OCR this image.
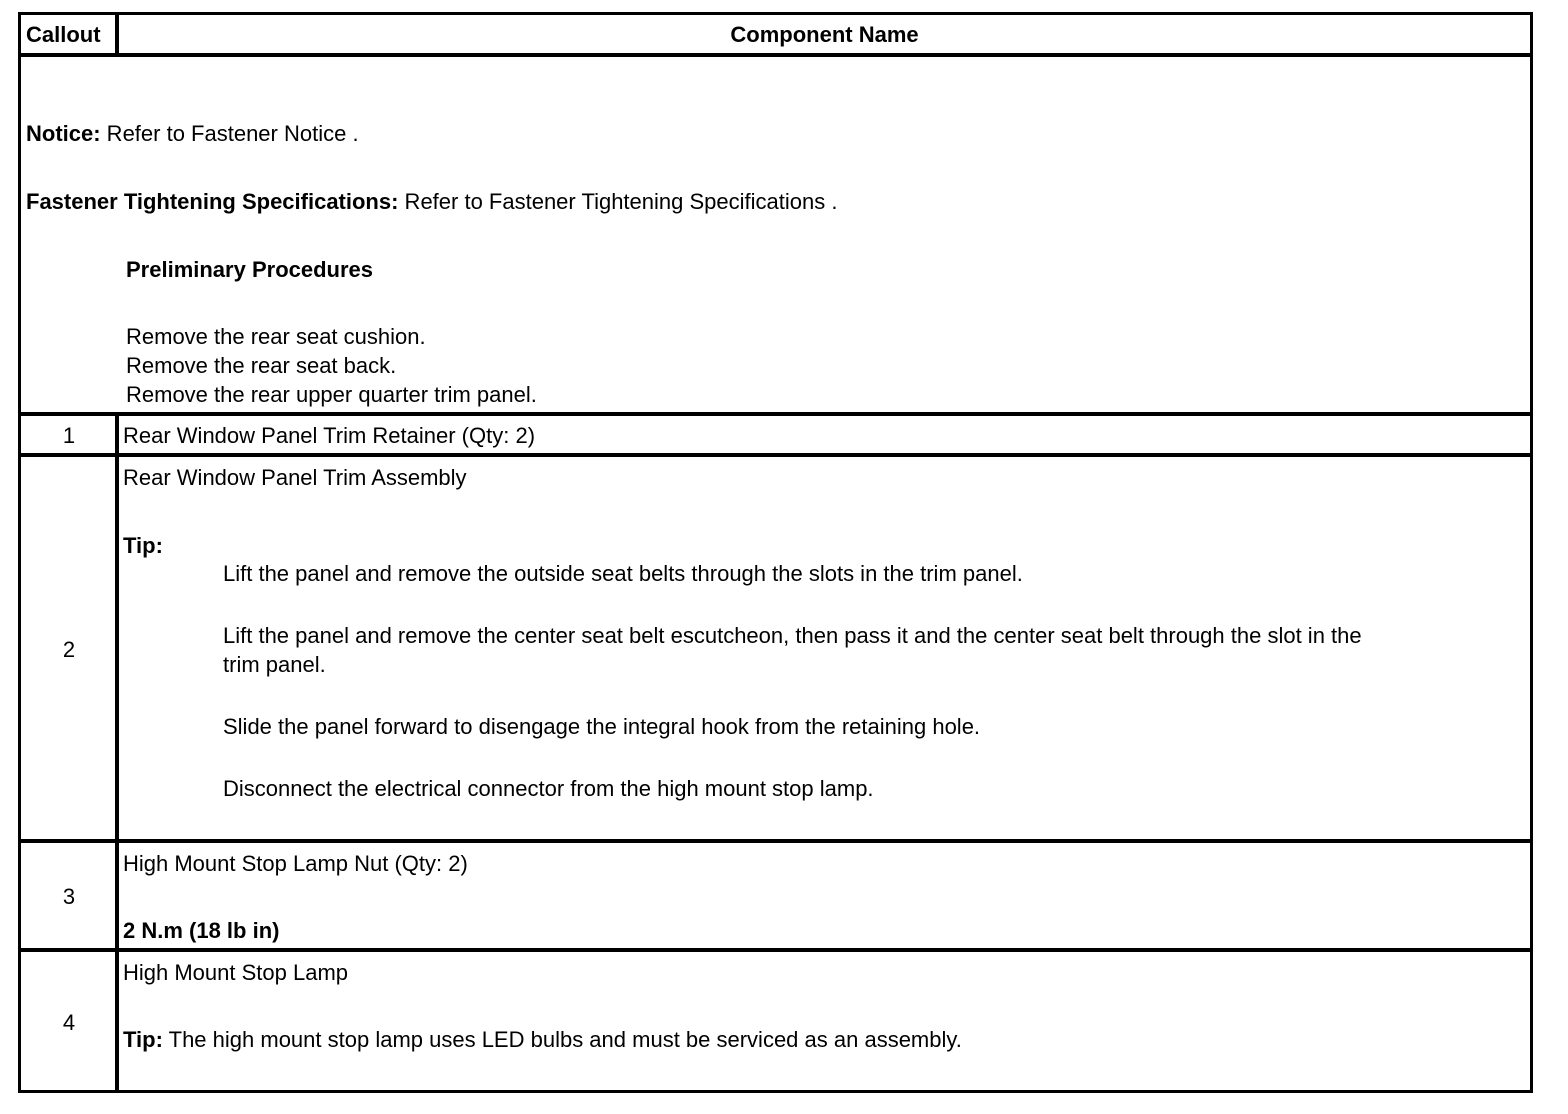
Callout	Component Name
Notice: Refer to Fastener Notice .
Fastener Tightening Specifications: Refer to Fastener Tightening Specifications .
Preliminary Procedures
Remove the rear seat cushion.
Remove the rear seat back.
Remove the rear upper quarter trim panel.
1	Rear Window Panel Trim Retainer (Qty: 2)
2
Rear Window Panel Trim Assembly
Tip:
Lift the panel and remove the outside seat belts through the slots in the trim panel.
Lift the panel and remove the center seat belt escutcheon, then pass it and the center seat belt through the slot in the
trim panel.
Slide the panel forward to disengage the integral hook from the retaining hole.
Disconnect the electrical connector from the high mount stop lamp.
3
High Mount Stop Lamp Nut (Qty: 2)
2 N.m (18 lb in)
4
High Mount Stop Lamp
Tip: The high mount stop lamp uses LED bulbs and must be serviced as an assembly.
